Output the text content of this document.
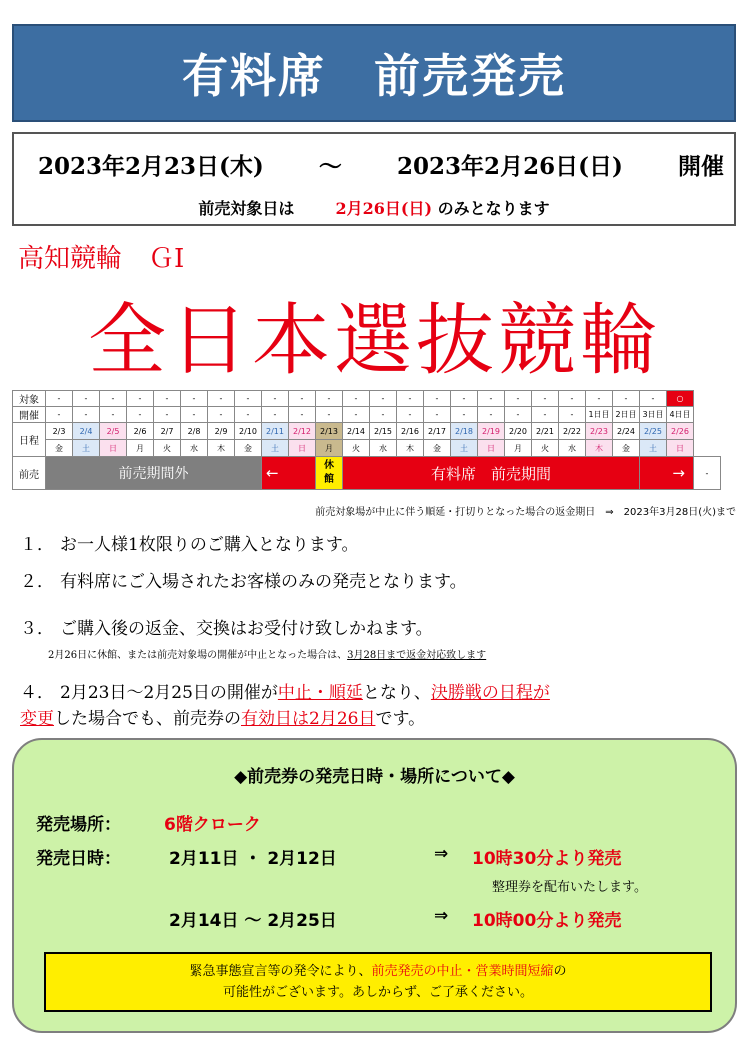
有料席　前売発売
2023年2月23日(木) ～ 2023年2月26日(日) 開催
前売対象日は	2月26日(日) のみとなります
高知競輪　ＧⅠ
全日本選抜競輪
対象	-	-	-	-	-	-	-	-	-	-	-	-	-	-	-	-	-	-	-	-	-	-	-	○	
開催	-	-	-	-	-	-	-	-	-	-	-	-	-	-	-	-	-	-	-	-	1日目	2日目	3日目	4日目	
日程	2/3	2/4	2/5	2/6	2/7	2/8	2/9	2/10	2/11	2/12	2/13	2/14	2/15	2/16	2/17	2/18	2/19	2/20	2/21	2/22	2/23	2/24	2/25	2/26	
	金	土	日	月	火	水	木	金	土	日	月	火	水	木	金	土	日	月	火	水	木	金	土	日	
前売	前売期間外								←		休館	有料席　前売期間											→		-
前売対象場が中止に伴う順延・打切りとなった場合の返金期日　⇒　2023年3月28日(火)まで
１． お一人様1枚限りのご購入となります。
２． 有料席にご入場されたお客様のみの発売となります。
３． ご購入後の返金、交換はお受付け致しかねます。
2月26日に休館、または前売対象場の開催が中止となった場合は、3月28日まで返金対応致します
４． 2月23日～2月25日の開催が中止・順延となり、決勝戦の日程が
変更した場合でも、前売券の有効日は2月26日です。
◆前売券の発売日時・場所について◆
発売場所：	6階クローク
発売日時：	2月11日 ・ 2月12日	⇒ 10時30分より発売
整理券を配布いたします。
2月14日 ～ 2月25日	⇒ 10時00分より発売
緊急事態宣言等の発令により、前売発売の中止・営業時間短縮の
可能性がございます。あしからず、ご了承ください。
